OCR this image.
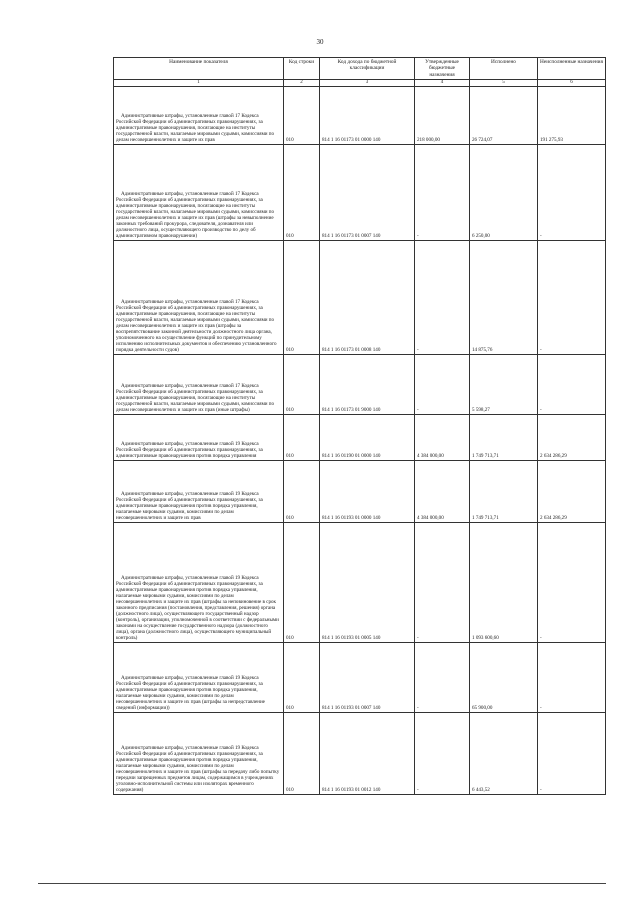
30
Наименование показателя	Код строки	Код дохода по бюджетной классификации	Утвержденные бюджетные назначения	Исполнено	Неисполненные назначения
1	2	3	4	5	6

Административные штрафы, установленные главой 17 Кодекса Российской Федерации об административных правонарушениях, за административные правонарушения, посягающие на институты государственной власти, налагаемые мировыми судьями, комиссиями по делам несовершеннолетних и защите их прав	010	814 1 16 01173 01 0000 140	218 000,00	26 724,07	191 275,93

Административные штрафы, установленные главой 17 Кодекса Российской Федерации об административных правонарушениях, за административные правонарушения, посягающие на институты государственной власти, налагаемые мировыми судьями, комиссиями по делам несовершеннолетних и защите их прав (штрафы за невыполнение законных требований прокурора, следователя, дознавателя или должностного лица, осуществляющего производство по делу об административном правонарушении)	010	814 1 16 01173 01 0007 140	-	6 250,00	-

Административные штрафы, установленные главой 17 Кодекса Российской Федерации об административных правонарушениях, за административные правонарушения, посягающие на институты государственной власти, налагаемые мировыми судьями, комиссиями по делам несовершеннолетних и защите их прав (штрафы за воспрепятствование законной деятельности должностного лица органа, уполномоченного на осуществление функций по принудительному исполнению исполнительных документов и обеспечению установленного порядка деятельности судов)	010	814 1 16 01173 01 0008 140	-	14 875,76	-

Административные штрафы, установленные главой 17 Кодекса Российской Федерации об административных правонарушениях, за административные правонарушения, посягающие на институты государственной власти, налагаемые мировыми судьями, комиссиями по делам несовершеннолетних и защите их прав (иные штрафы)	010	814 1 16 01173 01 9000 140	-	5 598,27	-

Административные штрафы, установленные главой 19 Кодекса Российской Федерации об административных правонарушениях, за административные правонарушения против порядка управления	010	814 1 16 01190 01 0000 140	4 384 000,00	1 749 713,71	2 634 286,29

Административные штрафы, установленные главой 19 Кодекса Российской Федерации об административных правонарушениях, за административные правонарушения против порядка управления, налагаемые мировыми судьями, комиссиями по делам несовершеннолетних и защите их прав	010	814 1 16 01193 01 0000 140	4 384 000,00	1 749 713,71	2 634 286,29

Административные штрафы, установленные главой 19 Кодекса Российской Федерации об административных правонарушениях, за административные правонарушения против порядка управления, налагаемые мировыми судьями, комиссиями по делам несовершеннолетних и защите их прав (штрафы за неповиновение в срок законного предписания (постановления, представления, решения) органа (должностного лица), осуществляющего государственный надзор (контроль), организации, уполномоченной в соответствии с федеральными законами на осуществление государственного надзора (должностного лица), органа (должностного лица), осуществляющего муниципальный контроль)	010	814 1 16 01193 01 0005 140	-	1 093 600,60	-

Административные штрафы, установленные главой 19 Кодекса Российской Федерации об административных правонарушениях, за административные правонарушения против порядка управления, налагаемые мировыми судьями, комиссиями по делам несовершеннолетних и защите их прав (штрафы за непредставление сведений (информации))	010	814 1 16 01193 01 0007 140	-	65 900,00	-

Административные штрафы, установленные главой 19 Кодекса Российской Федерации об административных правонарушениях, за административные правонарушения против порядка управления, налагаемые мировыми судьями, комиссиями по делам несовершеннолетних и защите их прав (штрафы за передачу либо попытку передачи запрещенных предметов лицам, содержащимся в учреждениях уголовно-исполнительной системы или изоляторах временного содержания)	010	814 1 16 01193 01 0012 140	-	6 443,52	-
